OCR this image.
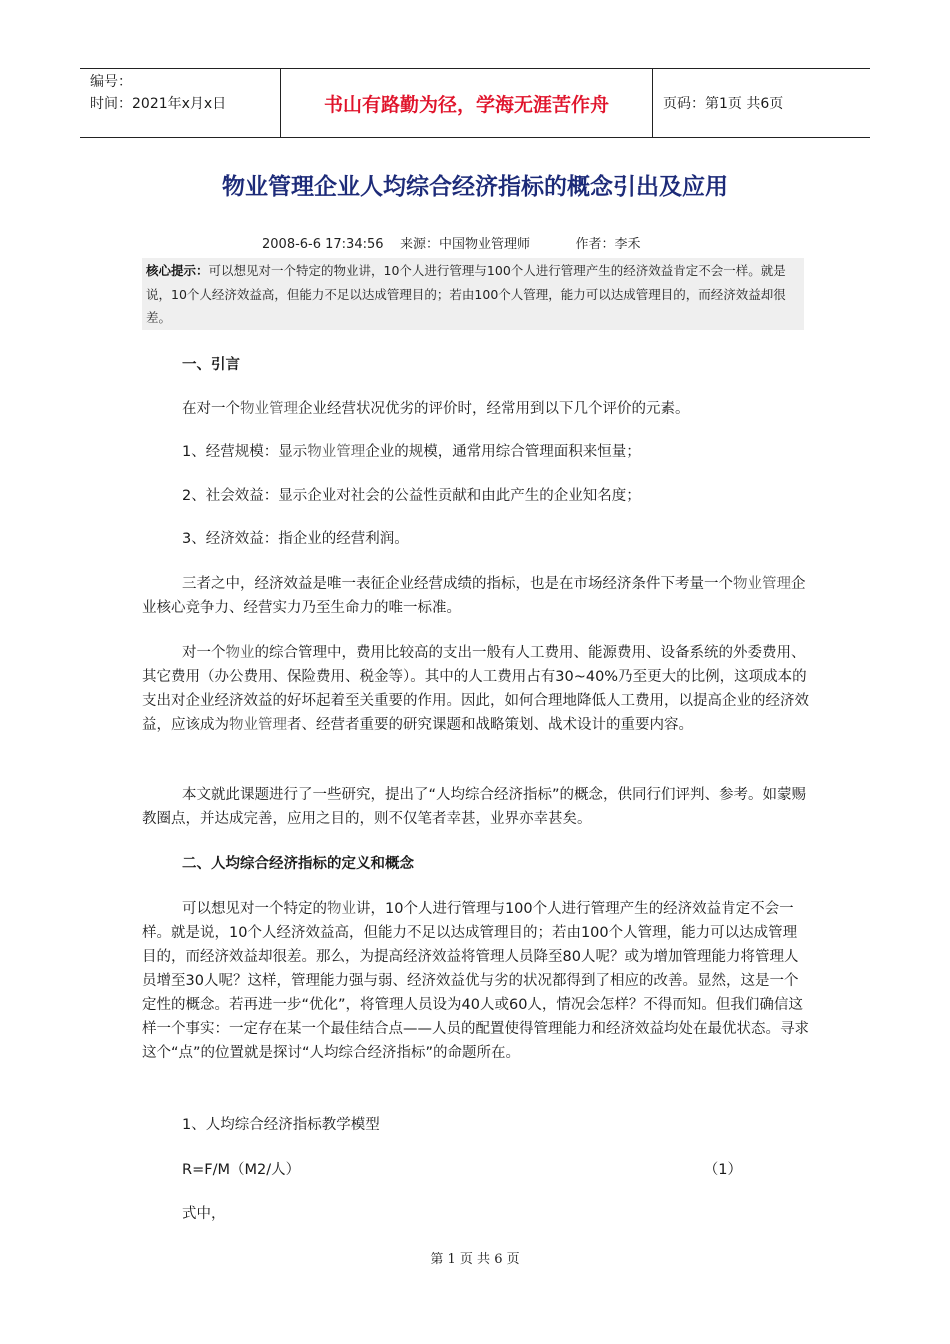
编号：
时间：2021年x月x日	书山有路勤为径，学海无涯苦作舟	页码：第1页 共6页
物业管理企业人均综合经济指标的概念引出及应用
2008-6-6 17:34:56    来源：中国物业管理师           作者：李禾
核心提示：可以想见对一个特定的物业讲，10个人进行管理与100个人进行管理产生的经济效益肯定不会一样。就是说，10个人经济效益高，但能力不足以达成管理目的；若由100个人管理，能力可以达成管理目的，而经济效益却很差。
一、引言
在对一个物业管理企业经营状况优劣的评价时，经常用到以下几个评价的元素。
1、经营规模：显示物业管理企业的规模，通常用综合管理面积来恒量；
2、社会效益：显示企业对社会的公益性贡献和由此产生的企业知名度；
3、经济效益：指企业的经营利润。
三者之中，经济效益是唯一表征企业经营成绩的指标，也是在市场经济条件下考量一个物业管理企业核心竞争力、经营实力乃至生命力的唯一标准。
对一个物业的综合管理中，费用比较高的支出一般有人工费用、能源费用、设备系统的外委费用、其它费用（办公费用、保险费用、税金等）。其中的人工费用占有30~40%乃至更大的比例，这项成本的支出对企业经济效益的好坏起着至关重要的作用。因此，如何合理地降低人工费用，以提高企业的经济效益，应该成为物业管理者、经营者重要的研究课题和战略策划、战术设计的重要内容。
本文就此课题进行了一些研究，提出了“人均综合经济指标”的概念，供同行们评判、参考。如蒙赐教圈点，并达成完善，应用之目的，则不仅笔者幸甚，业界亦幸甚矣。
二、人均综合经济指标的定义和概念
可以想见对一个特定的物业讲，10个人进行管理与100个人进行管理产生的经济效益肯定不会一样。就是说，10个人经济效益高，但能力不足以达成管理目的；若由100个人管理，能力可以达成管理目的，而经济效益却很差。那么，为提高经济效益将管理人员降至80人呢？或为增加管理能力将管理人员增至30人呢？这样，管理能力强与弱、经济效益优与劣的状况都得到了相应的改善。显然，这是一个定性的概念。若再进一步“优化”，将管理人员设为40人或60人，情况会怎样？不得而知。但我们确信这样一个事实：一定存在某一个最佳结合点——人员的配置使得管理能力和经济效益均处在最优状态。寻求这个“点”的位置就是探讨“人均综合经济指标”的命题所在。
1、人均综合经济指标教学模型
R=F/M（M2/人）	（1）
式中，
第 1 页 共 6 页
